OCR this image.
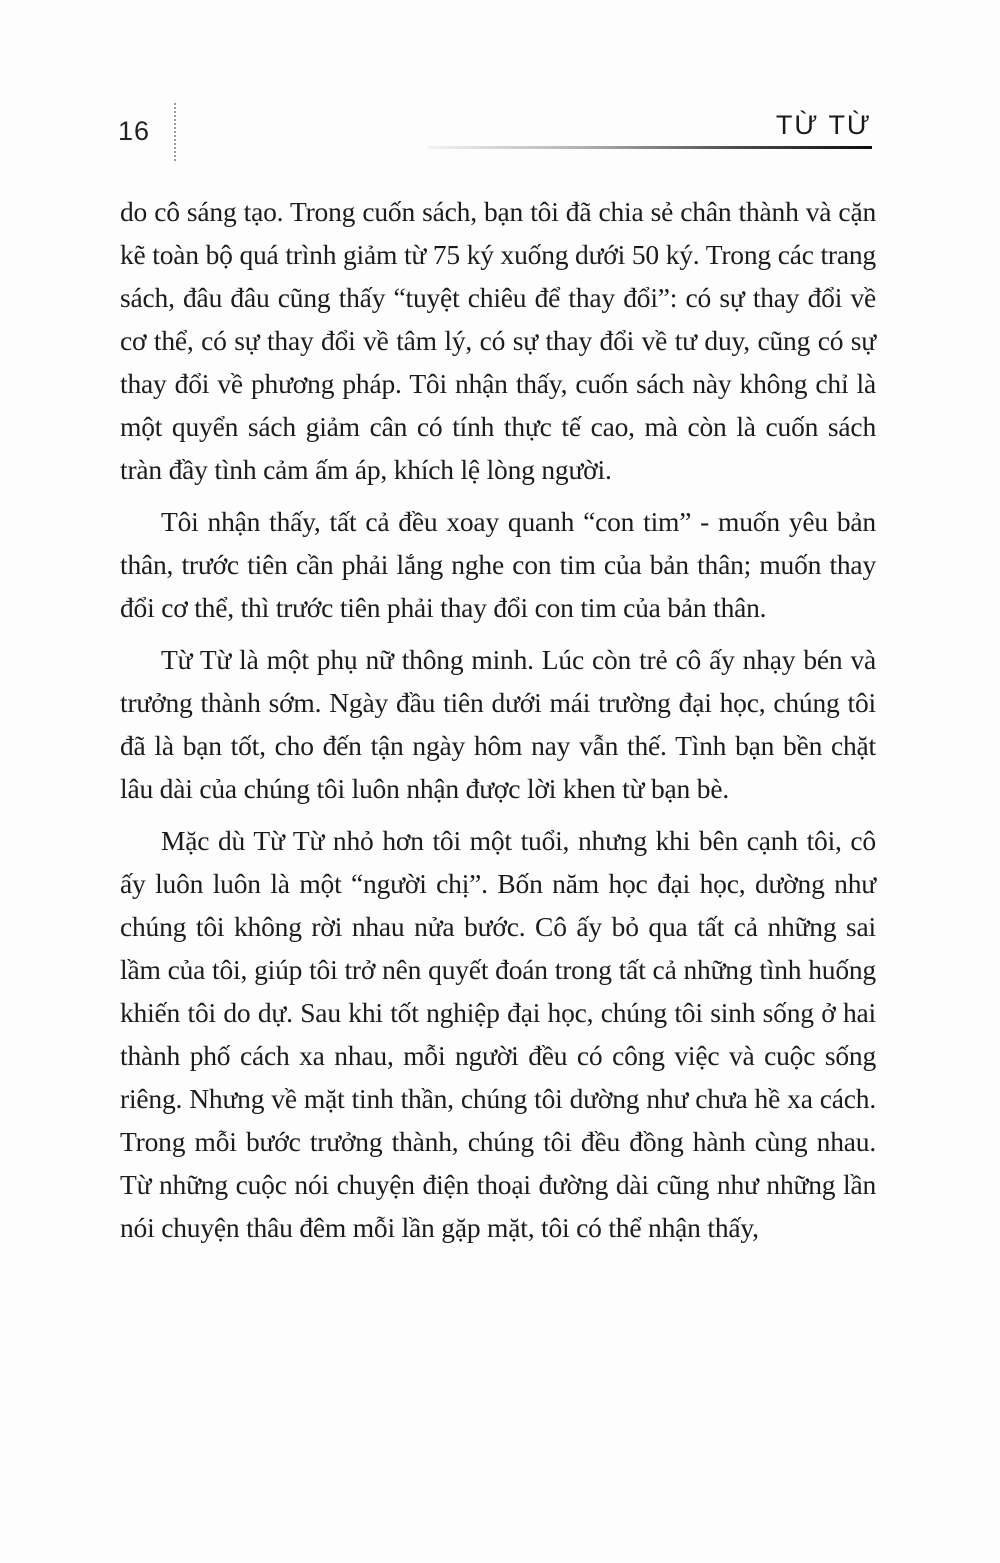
16	TỪ TỪ

do cô sáng tạo. Trong cuốn sách, bạn tôi đã chia sẻ chân thành và cặn kẽ toàn bộ quá trình giảm từ 75 ký xuống dưới 50 ký. Trong các trang sách, đâu đâu cũng thấy “tuyệt chiêu để thay đổi”: có sự thay đổi về cơ thể, có sự thay đổi về tâm lý, có sự thay đổi về tư duy, cũng có sự thay đổi về phương pháp. Tôi nhận thấy, cuốn sách này không chỉ là một quyển sách giảm cân có tính thực tế cao, mà còn là cuốn sách tràn đầy tình cảm ấm áp, khích lệ lòng người.

Tôi nhận thấy, tất cả đều xoay quanh “con tim” - muốn yêu bản thân, trước tiên cần phải lắng nghe con tim của bản thân; muốn thay đổi cơ thể, thì trước tiên phải thay đổi con tim của bản thân.

Từ Từ là một phụ nữ thông minh. Lúc còn trẻ cô ấy nhạy bén và trưởng thành sớm. Ngày đầu tiên dưới mái trường đại học, chúng tôi đã là bạn tốt, cho đến tận ngày hôm nay vẫn thế. Tình bạn bền chặt lâu dài của chúng tôi luôn nhận được lời khen từ bạn bè.

Mặc dù Từ Từ nhỏ hơn tôi một tuổi, nhưng khi bên cạnh tôi, cô ấy luôn luôn là một “người chị”. Bốn năm học đại học, dường như chúng tôi không rời nhau nửa bước. Cô ấy bỏ qua tất cả những sai lầm của tôi, giúp tôi trở nên quyết đoán trong tất cả những tình huống khiến tôi do dự. Sau khi tốt nghiệp đại học, chúng tôi sinh sống ở hai thành phố cách xa nhau, mỗi người đều có công việc và cuộc sống riêng. Nhưng về mặt tinh thần, chúng tôi dường như chưa hề xa cách. Trong mỗi bước trưởng thành, chúng tôi đều đồng hành cùng nhau. Từ những cuộc nói chuyện điện thoại đường dài cũng như những lần nói chuyện thâu đêm mỗi lần gặp mặt, tôi có thể nhận thấy,
